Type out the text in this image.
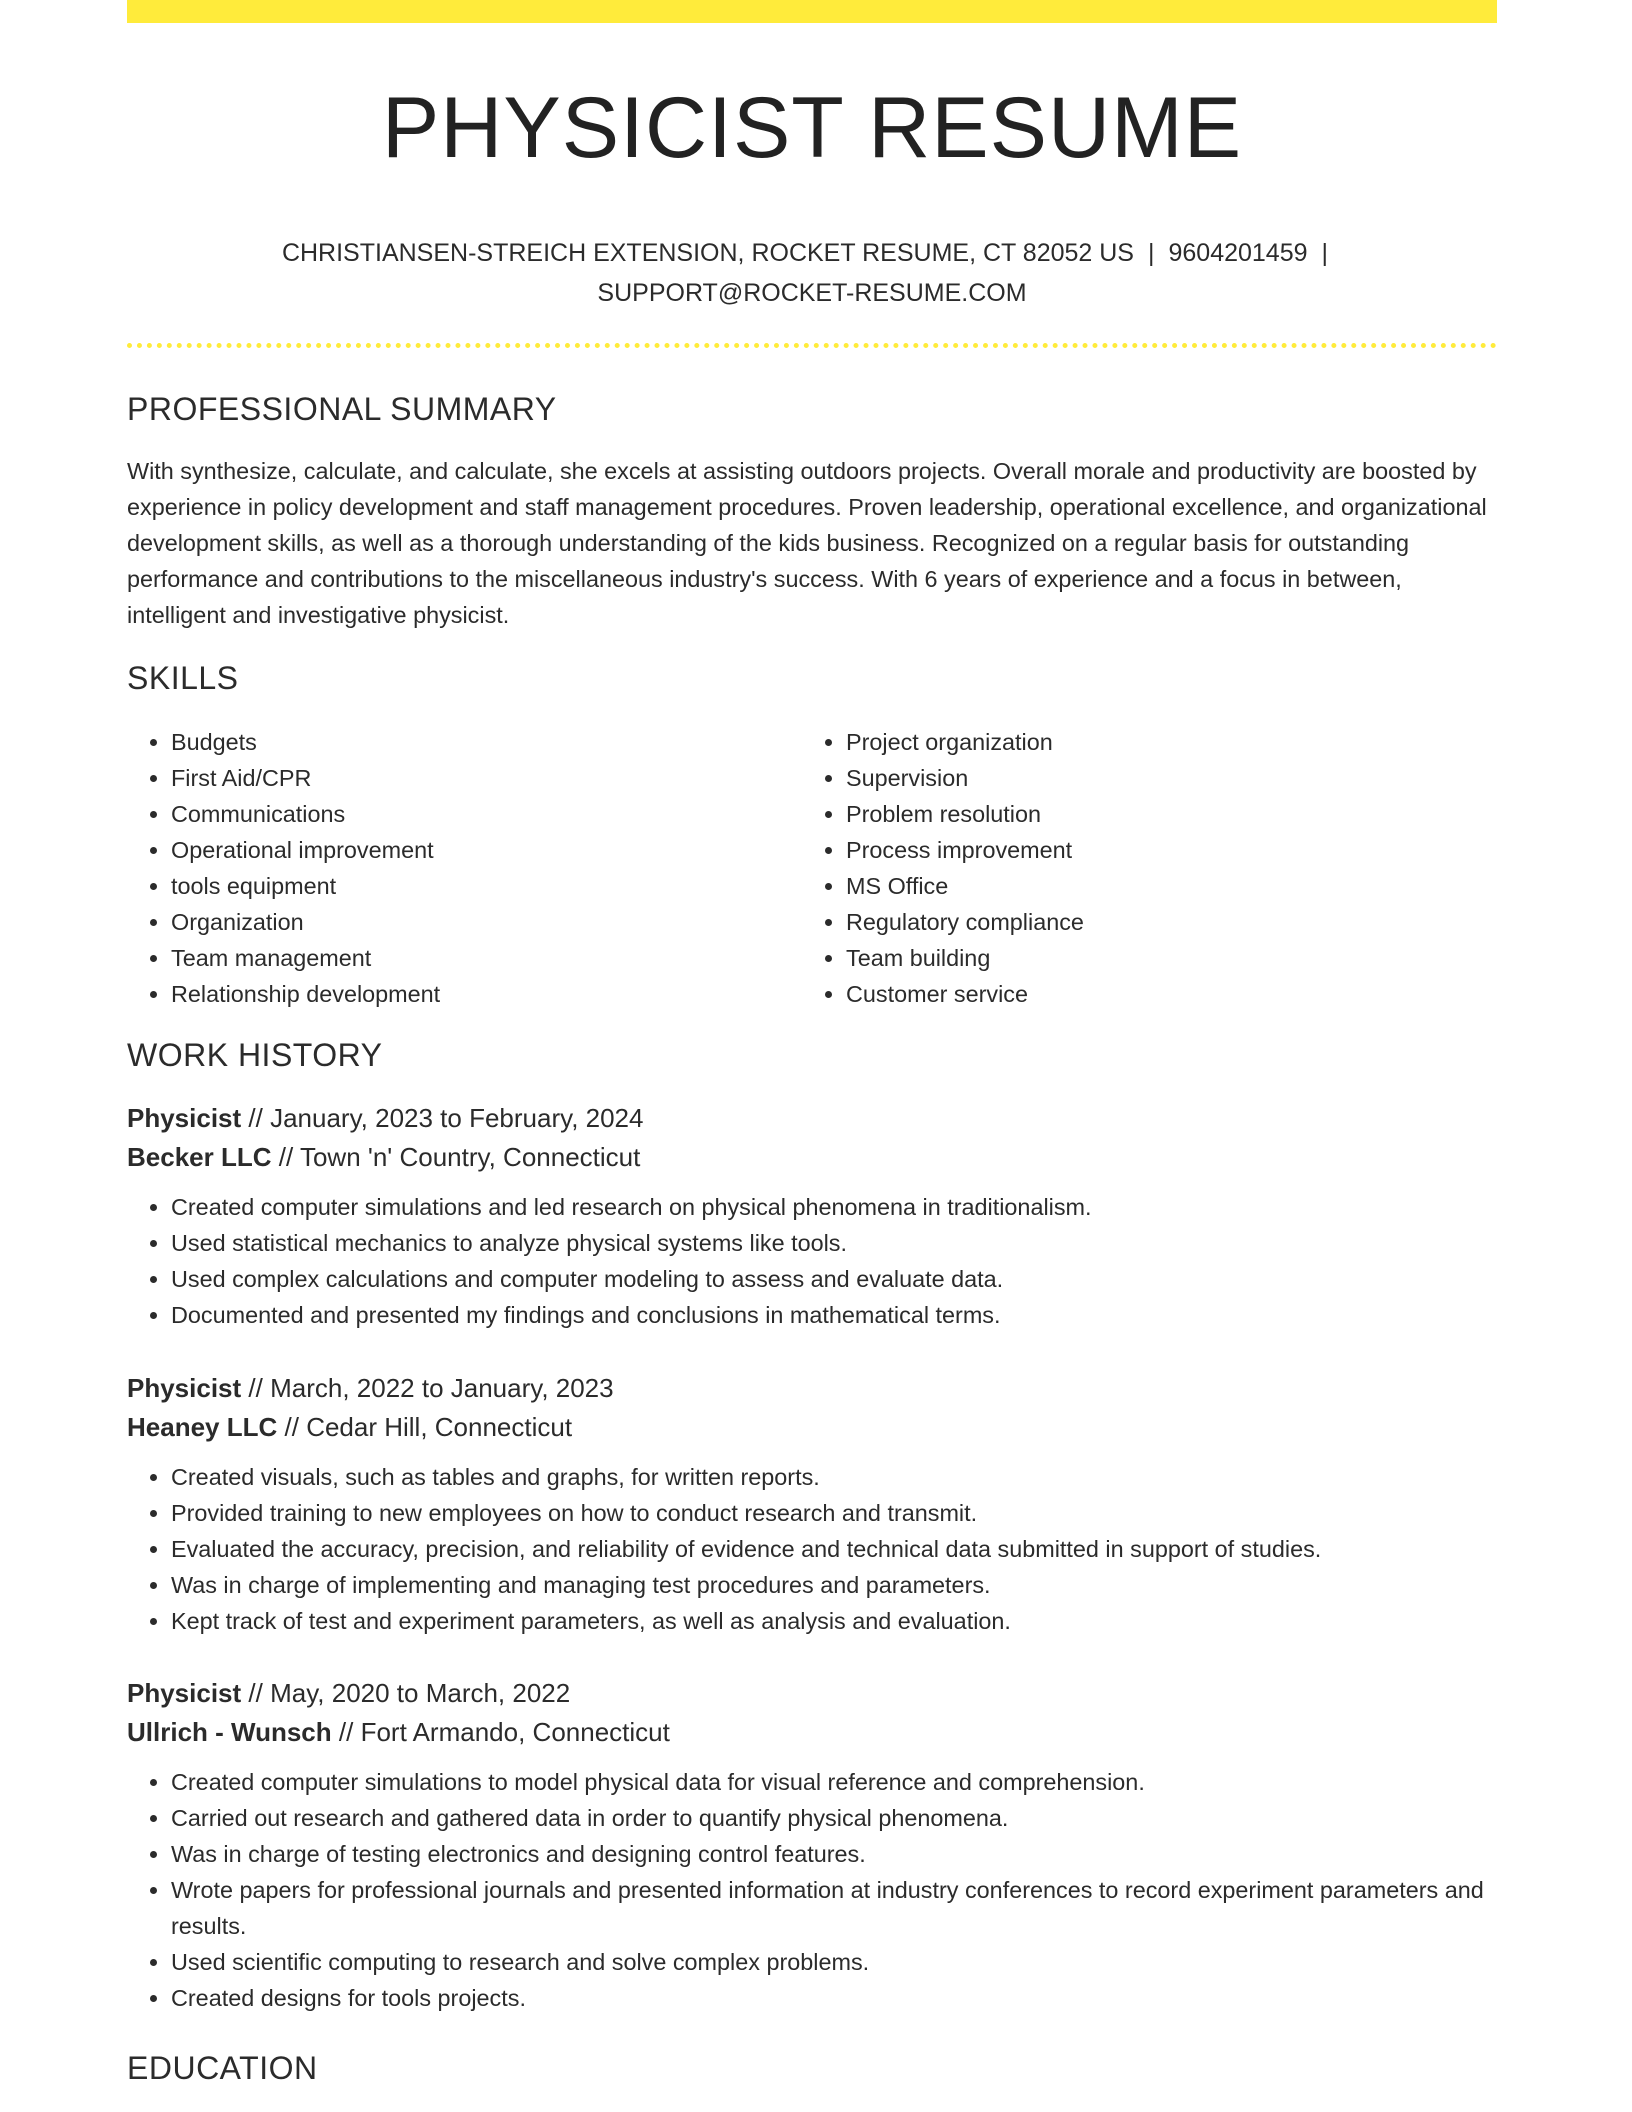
PHYSICIST RESUME
CHRISTIANSEN-STREICH EXTENSION, ROCKET RESUME, CT 82052 US | 9604201459 |
SUPPORT@ROCKET-RESUME.COM
PROFESSIONAL SUMMARY

With synthesize, calculate, and calculate, she excels at assisting outdoors projects. Overall morale and productivity are boosted by experience in policy development and staff management procedures. Proven leadership, operational excellence, and organizational development skills, as well as a thorough understanding of the kids business. Recognized on a regular basis for outstanding performance and contributions to the miscellaneous industry's success. With 6 years of experience and a focus in between, intelligent and investigative physicist.

SKILLS
• Budgets
• First Aid/CPR
• Communications
• Operational improvement
• tools equipment
• Organization
• Team management
• Relationship development
• Project organization
• Supervision
• Problem resolution
• Process improvement
• MS Office
• Regulatory compliance
• Team building
• Customer service
WORK HISTORY
Physicist // January, 2023 to February, 2024
Becker LLC // Town 'n' Country, Connecticut
• Created computer simulations and led research on physical phenomena in traditionalism.
• Used statistical mechanics to analyze physical systems like tools.
• Used complex calculations and computer modeling to assess and evaluate data.
• Documented and presented my findings and conclusions in mathematical terms.
Physicist // March, 2022 to January, 2023
Heaney LLC // Cedar Hill, Connecticut
• Created visuals, such as tables and graphs, for written reports.
• Provided training to new employees on how to conduct research and transmit.
• Evaluated the accuracy, precision, and reliability of evidence and technical data submitted in support of studies.
• Was in charge of implementing and managing test procedures and parameters.
• Kept track of test and experiment parameters, as well as analysis and evaluation.
Physicist // May, 2020 to March, 2022
Ullrich - Wunsch // Fort Armando, Connecticut
• Created computer simulations to model physical data for visual reference and comprehension.
• Carried out research and gathered data in order to quantify physical phenomena.
• Was in charge of testing electronics and designing control features.
• Wrote papers for professional journals and presented information at industry conferences to record experiment parameters and results.
• Used scientific computing to research and solve complex problems.
• Created designs for tools projects.
EDUCATION
